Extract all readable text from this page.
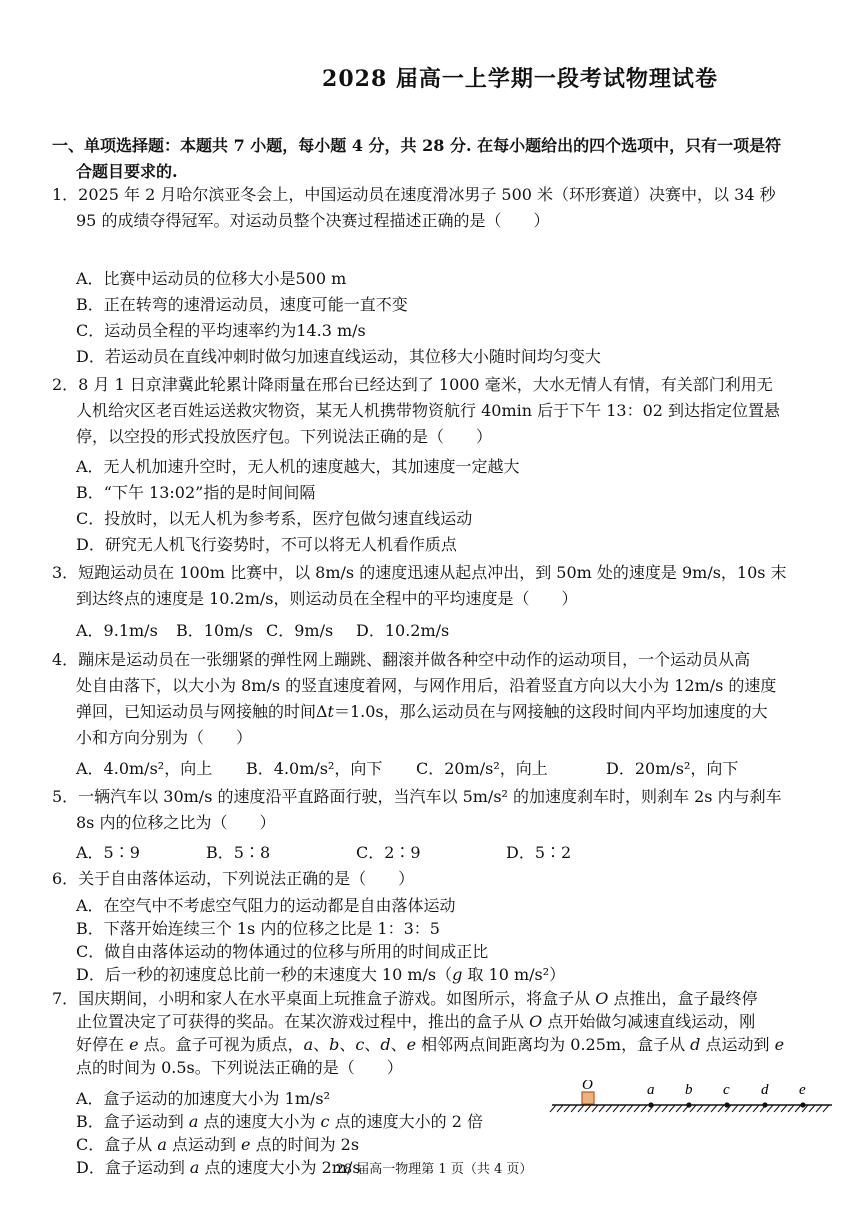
2028 届高一上学期一段考试物理试卷
一、单项选择题：本题共 7 小题，每小题 4 分，共 28 分. 在每小题给出的四个选项中，只有一项是符
合题目要求的.
1．2025 年 2 月哈尔滨亚冬会上，中国运动员在速度滑冰男子 500 米（环形赛道）决赛中，以 34 秒
95 的成绩夺得冠军。对运动员整个决赛过程描述正确的是（　　）
A．比赛中运动员的位移大小是500 m
B．正在转弯的速滑运动员，速度可能一直不变
C．运动员全程的平均速率约为14.3 m/s
D．若运动员在直线冲刺时做匀加速直线运动，其位移大小随时间均匀变大
2．8 月 1 日京津冀此轮累计降雨量在邢台已经达到了 1000 毫米，大水无情人有情，有关部门利用无
人机给灾区老百姓运送救灾物资，某无人机携带物资航行 40min 后于下午 13：02 到达指定位置悬
停，以空投的形式投放医疗包。下列说法正确的是（　　）
A．无人机加速升空时，无人机的速度越大，其加速度一定越大
B．“下午 13:02”指的是时间间隔
C．投放时，以无人机为参考系，医疗包做匀速直线运动
D．研究无人机飞行姿势时，不可以将无人机看作质点
3．短跑运动员在 100m 比赛中，以 8m/s 的速度迅速从起点冲出，到 50m 处的速度是 9m/s，10s 末
到达终点的速度是 10.2m/s，则运动员在全程中的平均速度是（　　）
A．9.1m/s B．10m/s C．9m/s D．10.2m/s
4．蹦床是运动员在一张绷紧的弹性网上蹦跳、翻滚并做各种空中动作的运动项目，一个运动员从高
处自由落下，以大小为 8m/s 的竖直速度着网，与网作用后，沿着竖直方向以大小为 12m/s 的速度
弹回，已知运动员与网接触的时间Δ𝑡＝1.0s，那么运动员在与网接触的这段时间内平均加速度的大
小和方向分别为（　　）
A．4.0m/s²，向上 B．4.0m/s²，向下 C．20m/s²，向上	D．20m/s²，向下
5．一辆汽车以 30m/s 的速度沿平直路面行驶，当汽车以 5m/s² 的加速度刹车时，则刹车 2s 内与刹车
8s 内的位移之比为（　　）
A．5∶9	B．5∶8	C．2∶9	D．5∶2
6．关于自由落体运动，下列说法正确的是（　　）
A．在空气中不考虑空气阻力的运动都是自由落体运动
B．下落开始连续三个 1s 内的位移之比是 1：3：5
C．做自由落体运动的物体通过的位移与所用的时间成正比
D．后一秒的初速度总比前一秒的末速度大 10 m/s（𝑔 取 10 m/s²）
7．国庆期间，小明和家人在水平桌面上玩推盒子游戏。如图所示，将盒子从 𝑂 点推出，盒子最终停
止位置决定了可获得的奖品。在某次游戏过程中，推出的盒子从 𝑂 点开始做匀减速直线运动，刚
好停在 𝑒 点。盒子可视为质点，𝑎、𝑏、𝑐、𝑑、𝑒 相邻两点间距离均为 0.25m，盒子从 𝑑 点运动到 𝑒
点的时间为 0.5s。下列说法正确的是（　　）
A．盒子运动的加速度大小为 1m/s²
B．盒子运动到 𝑎 点的速度大小为 𝑐 点的速度大小的 2 倍
C．盒子从 𝑎 点运动到 𝑒 点的时间为 2s
D．盒子运动到 𝑎 点的速度大小为 2m/s
O	a b c d e
28 届高一物理第 1 页（共 4 页）
